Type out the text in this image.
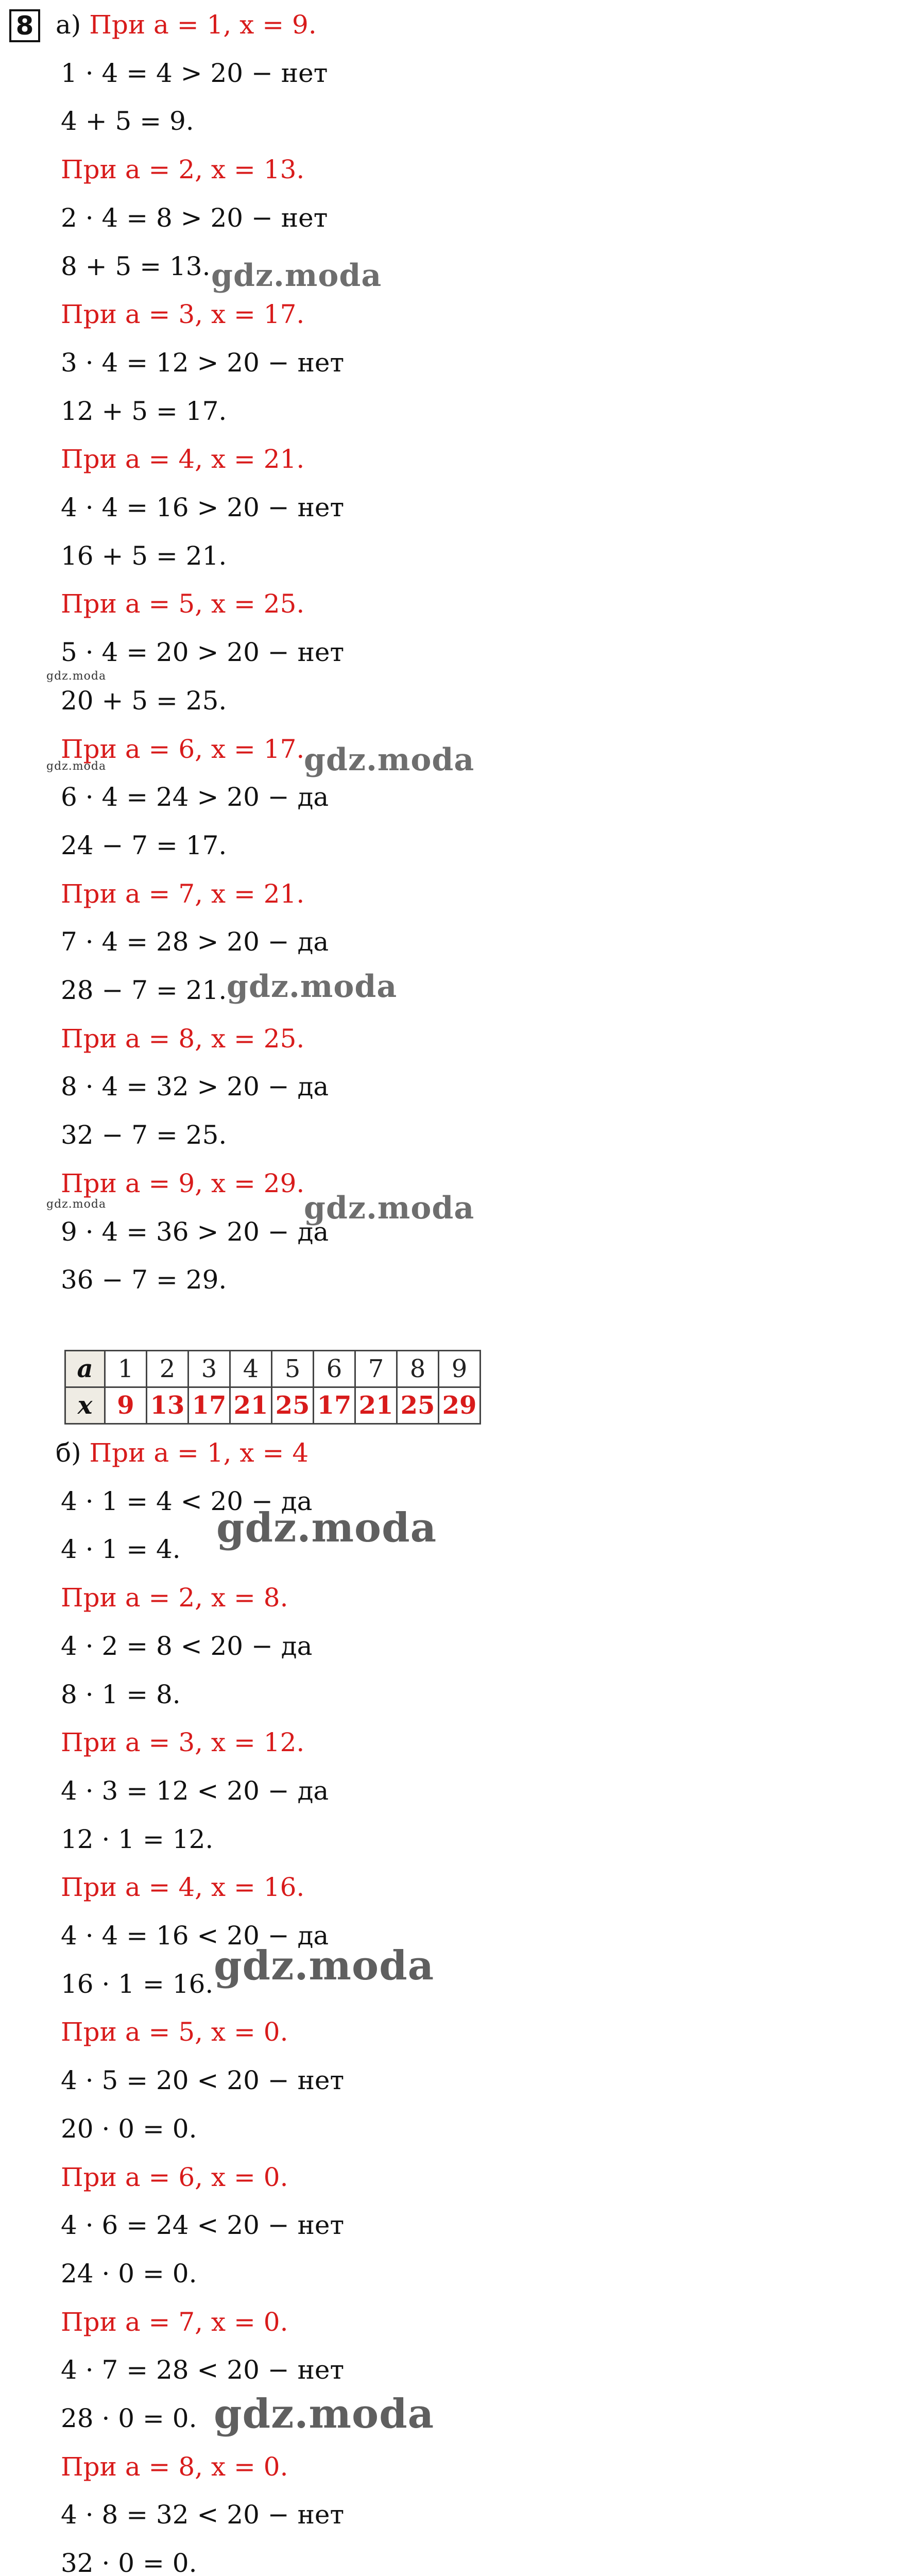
8 а) При a = 1, x = 9.
1 · 4 = 4 > 20 − нет
4 + 5 = 9.
При a = 2, x = 13.
2 · 4 = 8 > 20 − нет
8 + 5 = 13.
При a = 3, x = 17.
3 · 4 = 12 > 20 − нет
12 + 5 = 17.
При a = 4, x = 21.
4 · 4 = 16 > 20 − нет
16 + 5 = 21.
При a = 5, x = 25.
5 · 4 = 20 > 20 − нет
20 + 5 = 25.
При a = 6, x = 17.
6 · 4 = 24 > 20 − да
24 − 7 = 17.
При a = 7, x = 21.
7 · 4 = 28 > 20 − да
28 − 7 = 21.
При a = 8, x = 25.
8 · 4 = 32 > 20 − да
32 − 7 = 25.
При a = 9, x = 29.
9 · 4 = 36 > 20 − да
36 − 7 = 29.
б) При a = 1, x = 4
4 · 1 = 4 < 20 − да
4 · 1 = 4.
При a = 2, x = 8.
4 · 2 = 8 < 20 − да
8 · 1 = 8.
При a = 3, x = 12.
4 · 3 = 12 < 20 − да
12 · 1 = 12.
При a = 4, x = 16.
4 · 4 = 16 < 20 − да
16 · 1 = 16.
При a = 5, x = 0.
4 · 5 = 20 < 20 − нет
20 · 0 = 0.
При a = 6, x = 0.
4 · 6 = 24 < 20 − нет
24 · 0 = 0.
При a = 7, x = 0.
4 · 7 = 28 < 20 − нет
28 · 0 = 0.
При a = 8, x = 0.
4 · 8 = 32 < 20 − нет
32 · 0 = 0.
a	1	2	3	4	5	6	7	8	9
x	9	13	17	21	25	17	21	25	29

gdz.moda
gdz.moda
gdz.moda	gdz.moda
gdz.moda
gdz.moda	gdz.moda
gdz.moda
gdz.moda
gdz.moda
